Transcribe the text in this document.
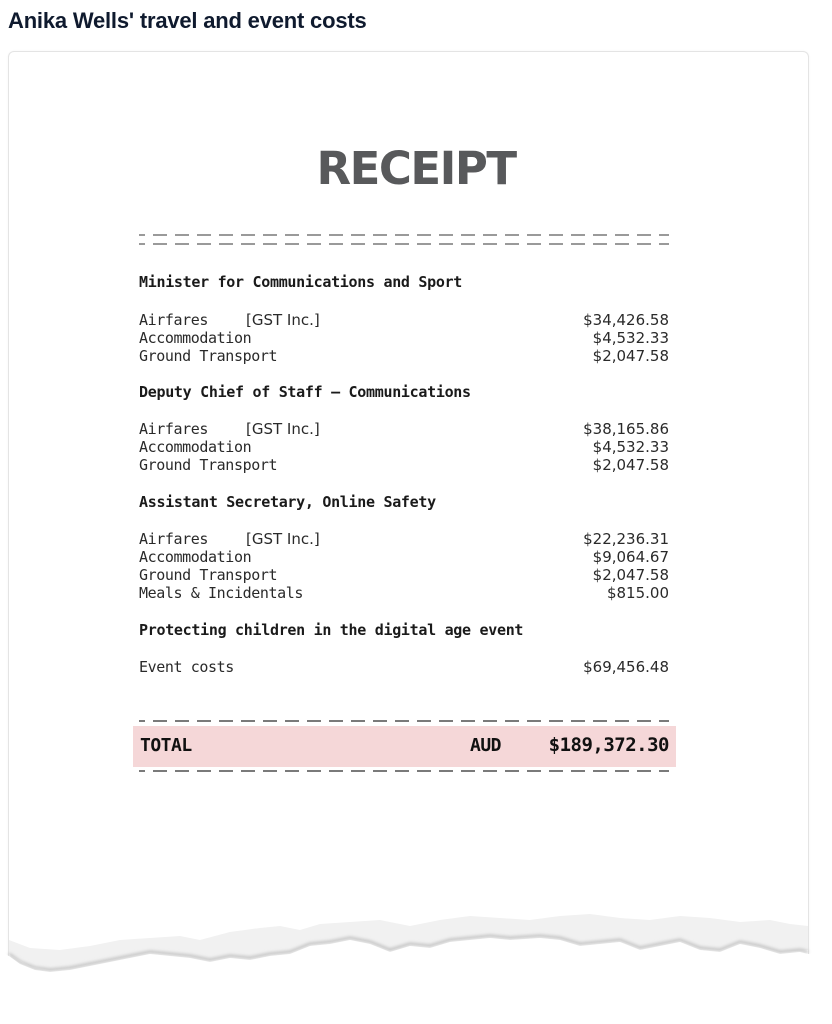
Anika Wells' travel and event costs
RECEIPT
Minister for Communications and Sport
Airfares	[GST Inc.]	$34,426.58
Accommodation	$4,532.33
Ground Transport	$2,047.58
Deputy Chief of Staff – Communications
Airfares	[GST Inc.]	$38,165.86
Accommodation	$4,532.33
Ground Transport	$2,047.58
Assistant Secretary, Online Safety
Airfares	[GST Inc.]	$22,236.31
Accommodation	$9,064.67
Ground Transport	$2,047.58
Meals & Incidentals	$815.00
Protecting children in the digital age event
Event costs	$69,456.48
TOTAL	AUD	$189,372.30
